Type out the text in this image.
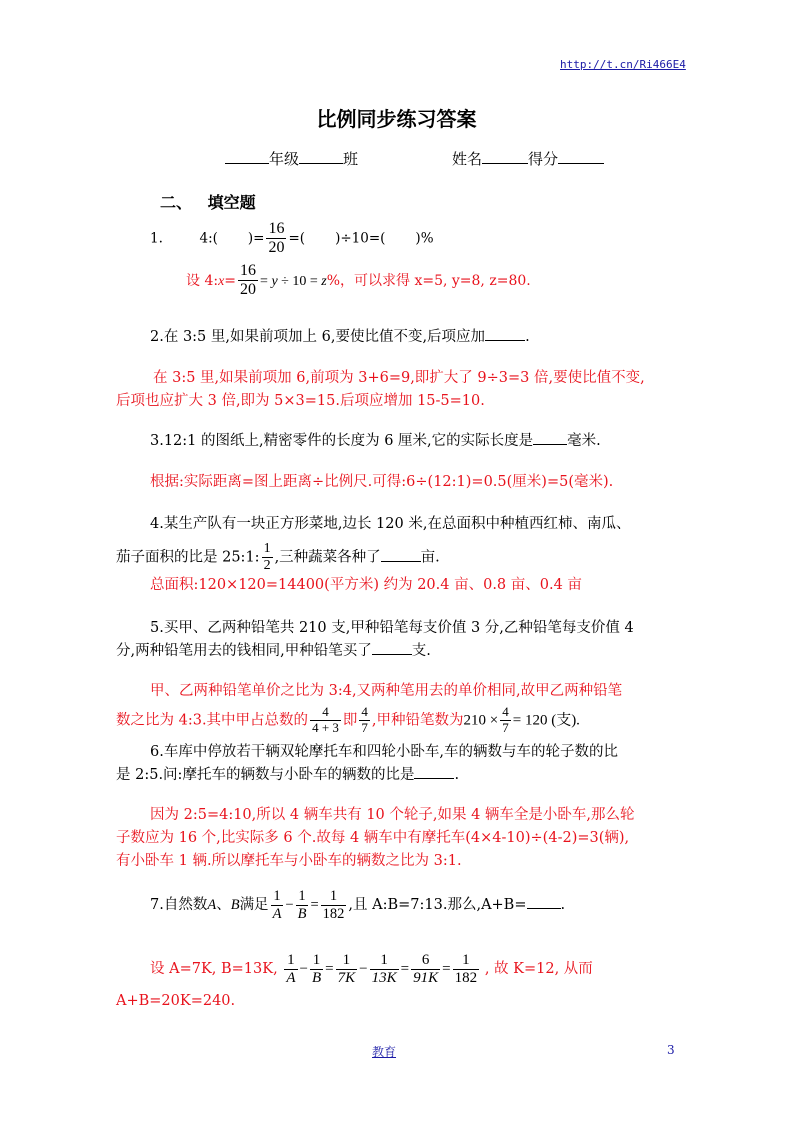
http://t.cn/Ri466E4
比例同步练习答案
年级	班	姓名	得分
二、 填空题
1.	4:( )= $\frac{16}{20}$ =( )÷10=( )%
设 4:x= $\frac{16}{20} = y \div 10 = z\%$，可以求得 x=5, y=8, z=80.
2.在 3:5 里,如果前项加上 6,要使比值不变,后项应加	.
在 3:5 里,如果前项加 6,前项为 3+6=9,即扩大了 9÷3=3 倍,要使比值不变,
后项也应扩大 3 倍,即为 5×3=15.后项应增加 15-5=10.
3.12:1 的图纸上,精密零件的长度为 6 厘米,它的实际长度是 毫米.
根据:实际距离=图上距离÷比例尺.可得:6÷(12:1)=0.5(厘米)=5(毫米).
4.某生产队有一块正方形菜地,边长 120 米,在总面积中种植西红柿、南瓜、
茄子面积的比是 25:1: $\frac{1}{2}$ ,三种蔬菜各种了	亩.
总面积:120×120=14400(平方米) 约为 20.4 亩、0.8 亩、0.4 亩
5.买甲、乙两种铅笔共 210 支,甲种铅笔每支价值 3 分,乙种铅笔每支价值 4
分,两种铅笔用去的钱相同,甲种铅笔买了	支.
甲、乙两种铅笔单价之比为 3:4,又两种笔用去的单价相同,故甲乙两种铅笔
数之比为 4:3.其中甲占总数的 $\frac{4}{4 + 3}$ 即 $\frac{4}{7}$ ,甲种铅笔数为$210 \times \frac{4}{7} = 120$ (支).
6.车库中停放若干辆双轮摩托车和四轮小卧车,车的辆数与车的轮子数的比
是 2:5.问:摩托车的辆数与小卧车的辆数的比是	.
因为 2:5=4:10,所以 4 辆车共有 10 个轮子,如果 4 辆车全是小卧车,那么轮
子数应为 16 个,比实际多 6 个.故每 4 辆车中有摩托车(4×4-10)÷(4-2)=3(辆),
有小卧车 1 辆.所以摩托车与小卧车的辆数之比为 3:1.
7.自然数A、B满足 $\frac{1}{A} - \frac{1}{B} = \frac{1}{182}$ ,且 A:B=7:13.那么,A+B= .
设 A=7K, B=13K, $\frac{1}{A} - \frac{1}{B} = \frac{1}{7K} - \frac{1}{13K} = \frac{6}{91K} = \frac{1}{182}$ , 故 K=12, 从而
A+B=20K=240.
教育	3
